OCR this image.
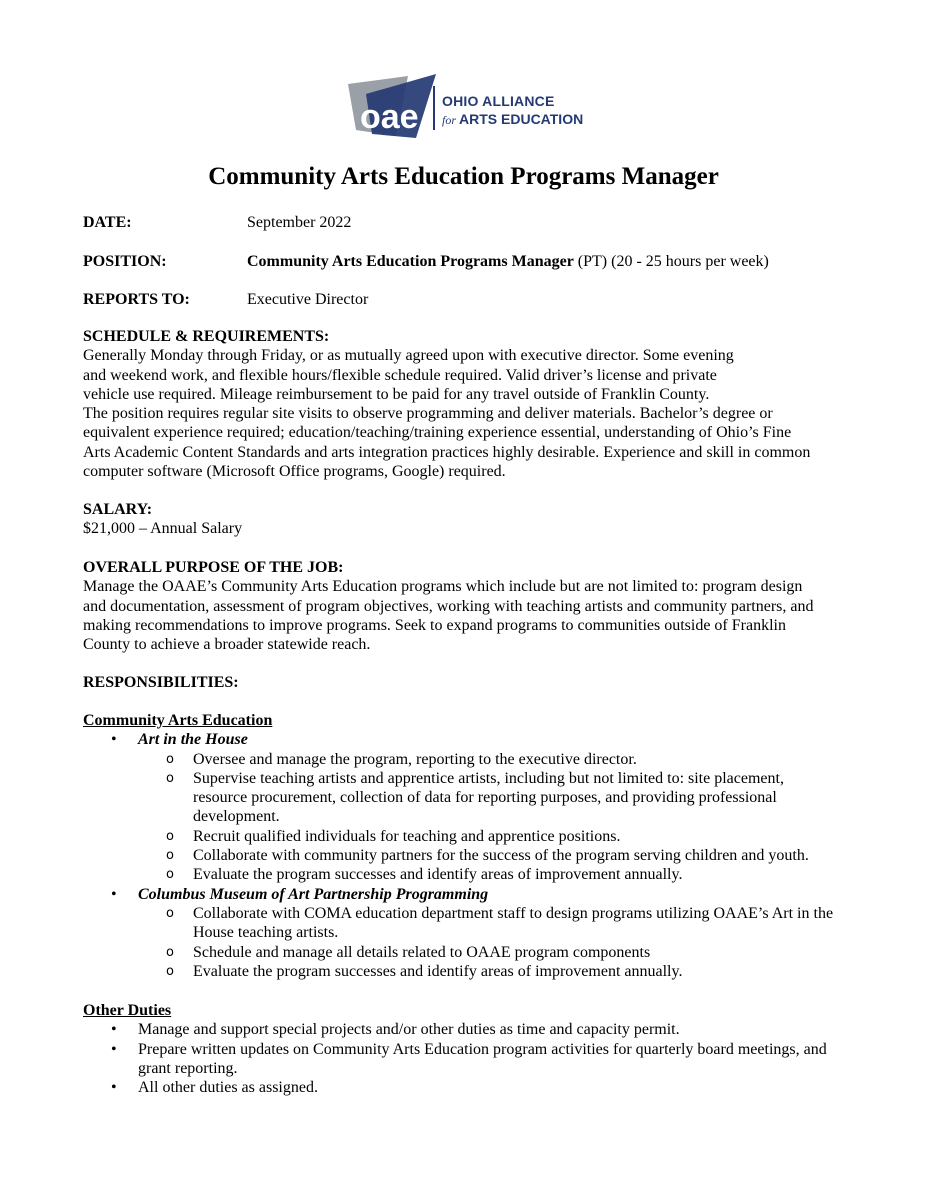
oae OHIO ALLIANCE
for ARTS EDUCATION
Community Arts Education Programs Manager
DATE:	September 2022
POSITION:	Community Arts Education Programs Manager (PT) (20 - 25 hours per week)
REPORTS TO:	Executive Director
SCHEDULE & REQUIREMENTS:

Generally Monday through Friday, or as mutually agreed upon with executive director. Some evening

and weekend work, and flexible hours/flexible schedule required. Valid driver’s license and private

vehicle use required. Mileage reimbursement to be paid for any travel outside of Franklin County.

The position requires regular site visits to observe programming and deliver materials. Bachelor’s degree or

equivalent experience required; education/teaching/training experience essential, understanding of Ohio’s Fine

Arts Academic Content Standards and arts integration practices highly desirable. Experience and skill in common

computer software (Microsoft Office programs, Google) required.

SALARY:

$21,000 – Annual Salary

OVERALL PURPOSE OF THE JOB:

Manage the OAAE’s Community Arts Education programs which include but are not limited to: program design

and documentation, assessment of program objectives, working with teaching artists and community partners, and

making recommendations to improve programs. Seek to expand programs to communities outside of Franklin

County to achieve a broader statewide reach.

RESPONSIBILITIES:
Community Arts Education
• Art in the House
o Oversee and manage the program, reporting to the executive director.
o Supervise teaching artists and apprentice artists, including but not limited to: site placement, resource procurement, collection of data for reporting purposes, and providing professional development.
o Recruit qualified individuals for teaching and apprentice positions.
o Collaborate with community partners for the success of the program serving children and youth.
o Evaluate the program successes and identify areas of improvement annually.
• Columbus Museum of Art Partnership Programming
o Collaborate with COMA education department staff to design programs utilizing OAAE’s Art in the House teaching artists.
o Schedule and manage all details related to OAAE program components
o Evaluate the program successes and identify areas of improvement annually.
Other Duties
• Manage and support special projects and/or other duties as time and capacity permit.
• Prepare written updates on Community Arts Education program activities for quarterly board meetings, and grant reporting.
• All other duties as assigned.
